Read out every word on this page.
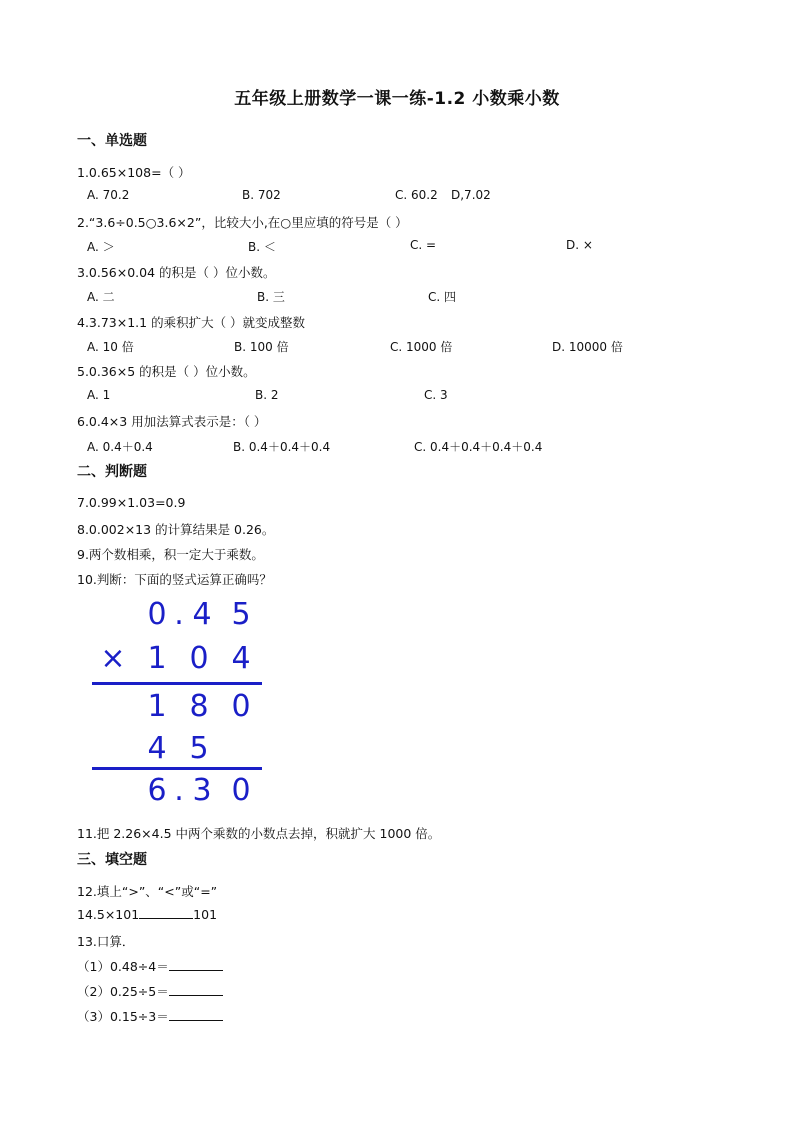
五年级上册数学一课一练-1.2 小数乘小数
一、单选题
1.0.65×108=（ ）
A. 70.2	B. 702	C. 60.2 D,7.02
2.“3.6÷0.5○3.6×2”，比较大小,在○里应填的符号是（ ）
A. ＞	B. ＜	C. =	D. ×
3.0.56×0.04 的积是（ ）位小数。
A. 二	B. 三	C. 四
4.3.73×1.1 的乘积扩大（ ）就变成整数
A. 10 倍	B. 100 倍	C. 1000 倍	D. 10000 倍
5.0.36×5 的积是（ ）位小数。
A. 1	B. 2	C. 3
6.0.4×3 用加法算式表示是：（ ）
A. 0.4＋0.4	B. 0.4＋0.4＋0.4	C. 0.4＋0.4＋0.4＋0.4
二、判断题
7.0.99×1.03=0.9
8.0.002×13 的计算结果是 0.26。
9.两个数相乘，积一定大于乘数。
10.判断：下面的竖式运算正确吗？
0 . 4 5
× 1 0 4
1 8 0
4 5
6 . 3 0
11.把 2.26×4.5 中两个乘数的小数点去掉，积就扩大 1000 倍。
三、填空题
12.填上“>”、“<”或“=”
14.5×101	101
13.口算．
（1）0.48÷4＝
（2）0.25÷5＝
（3）0.15÷3＝
